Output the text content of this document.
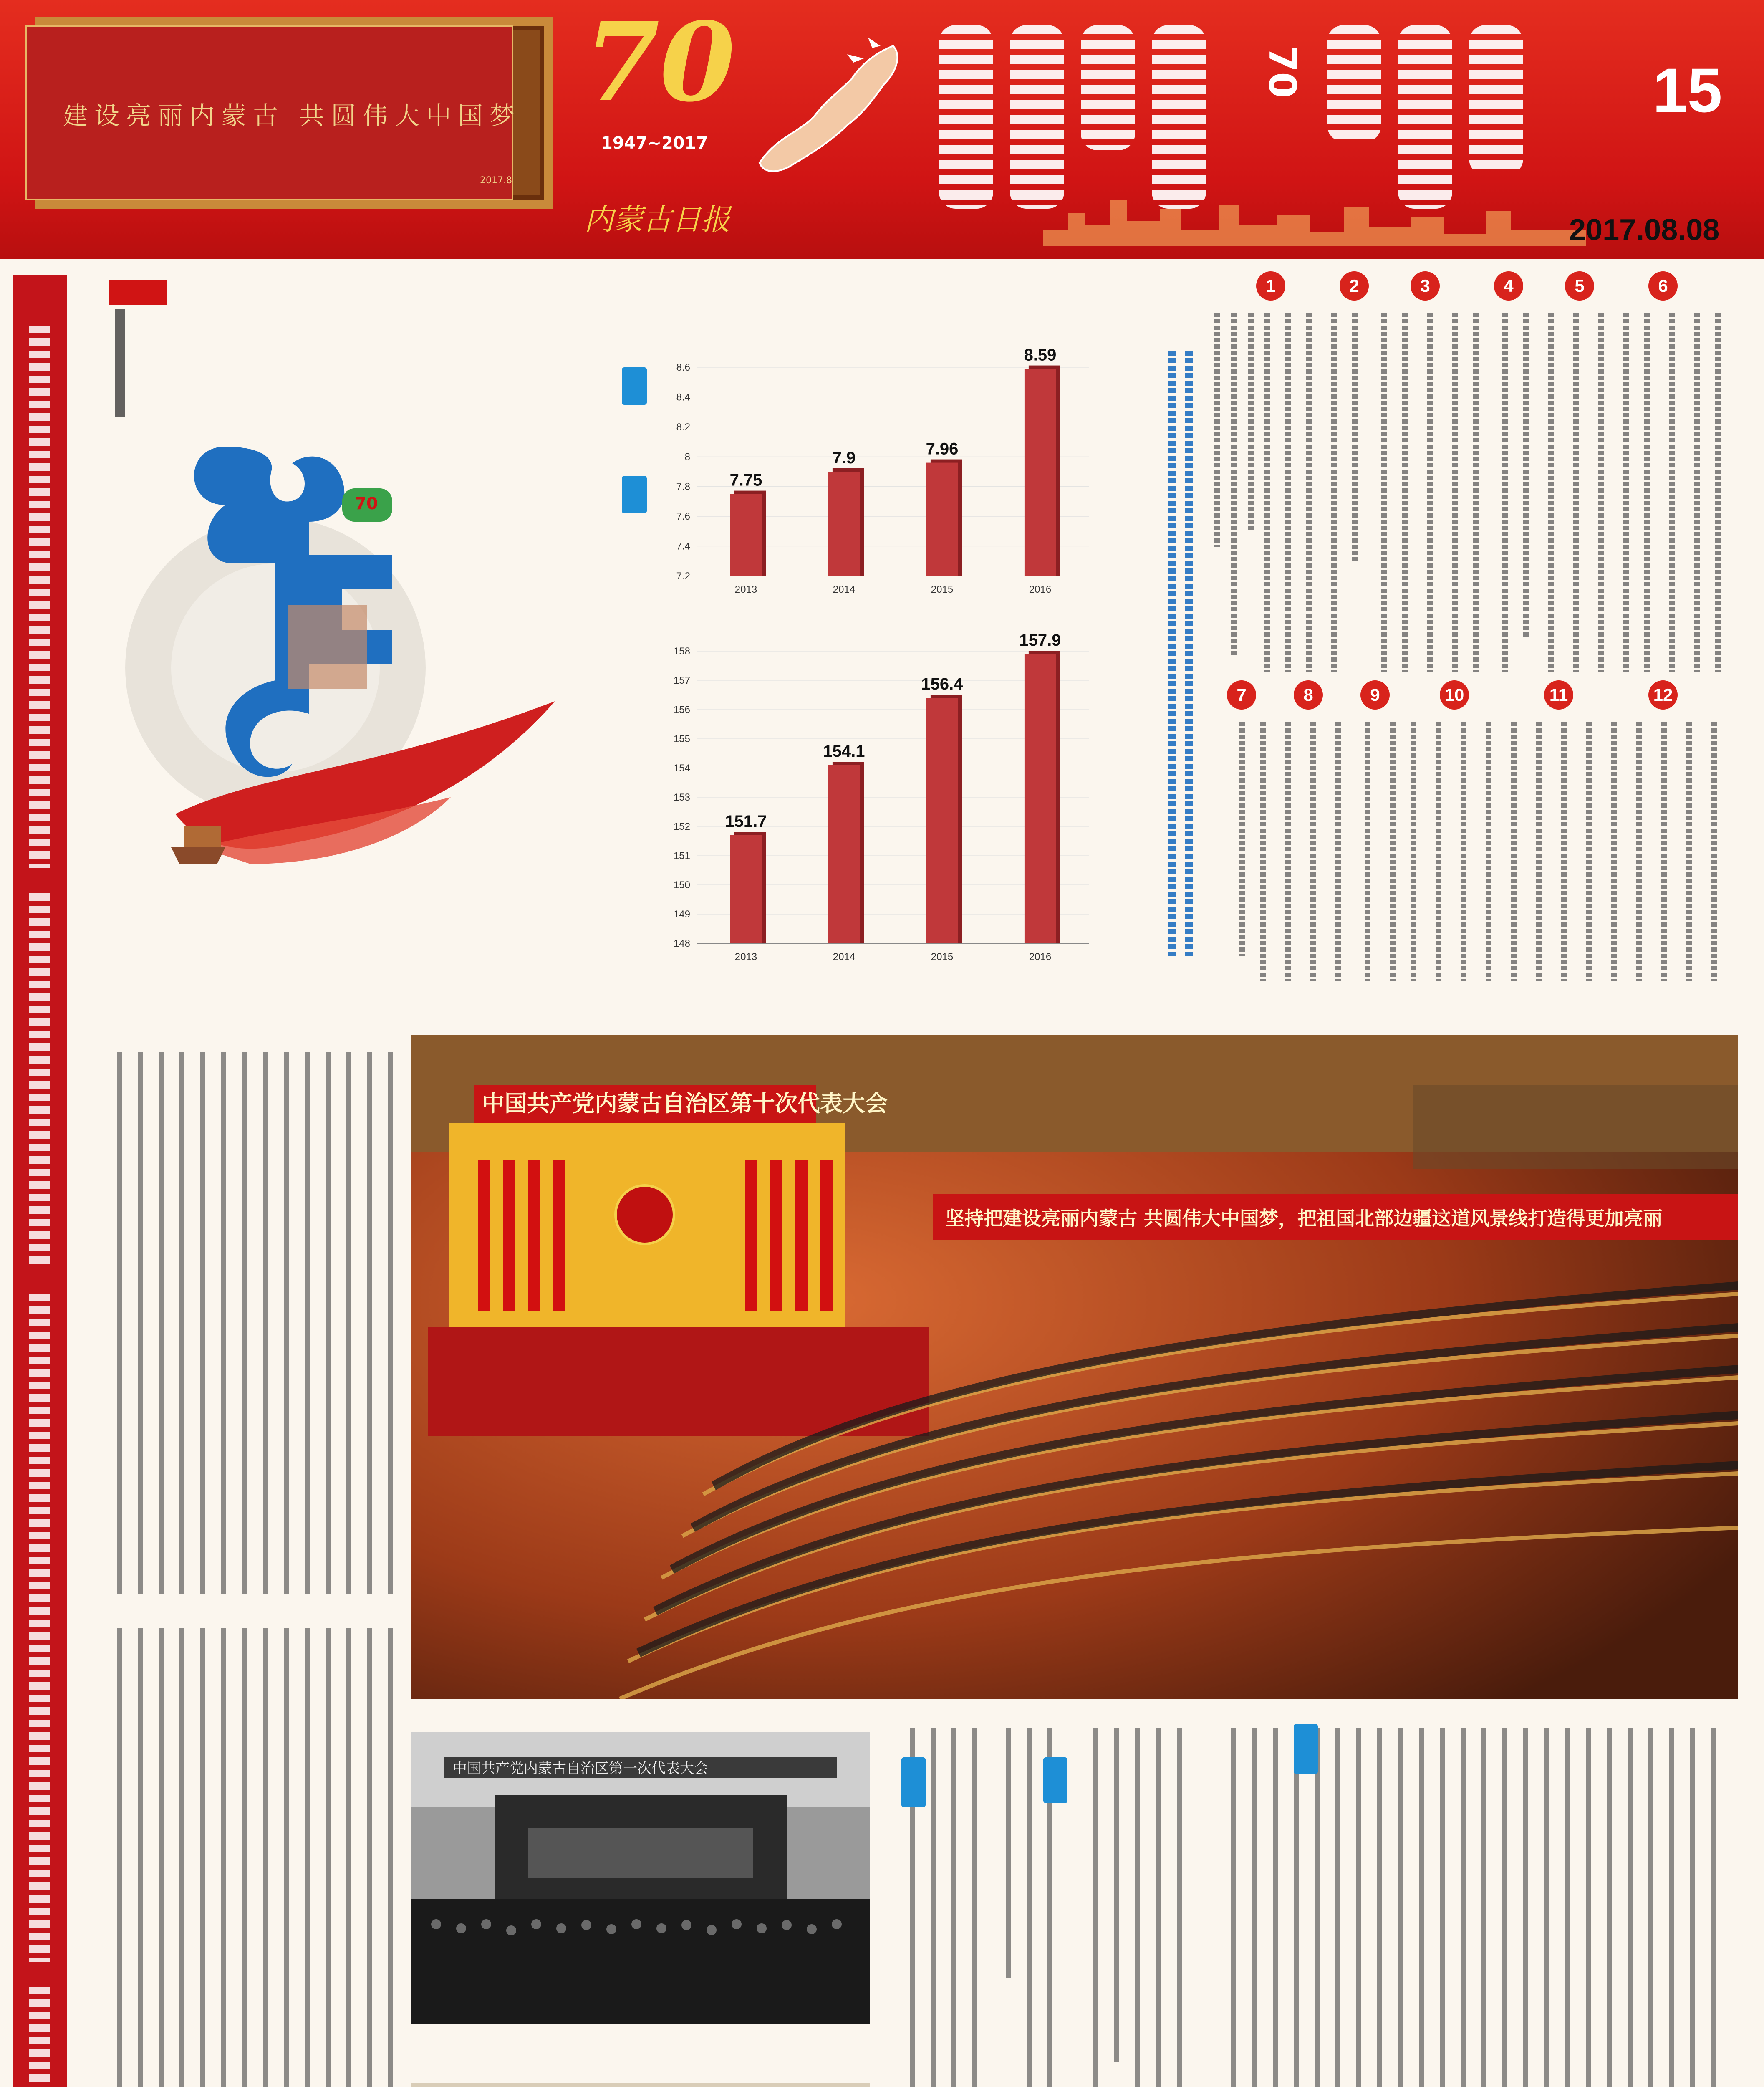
建设亮丽内蒙古 共圆伟大中国梦
2017.8
70
1947~2017
内蒙古日报
70	15
2017.08.08
70
7.2
7.4
7.6
7.8
8
8.2
8.4
8.6
7.75
2013
7.9
2014
7.96
2015
8.59
2016
148
149
150
151
152
153
154
155
156
157
158
151.7
2013
154.1
2014
156.4
2015
157.9
2016
1	2	3	4	5	6
7	8	9	10	11	12
中国共产党内蒙古自治区第十次代表大会
坚持把建设亮丽内蒙古 共圆伟大中国梦，把祖国北部边疆这道风景线打造得更加亮丽
中国共产党内蒙古自治区第一次代表大会
